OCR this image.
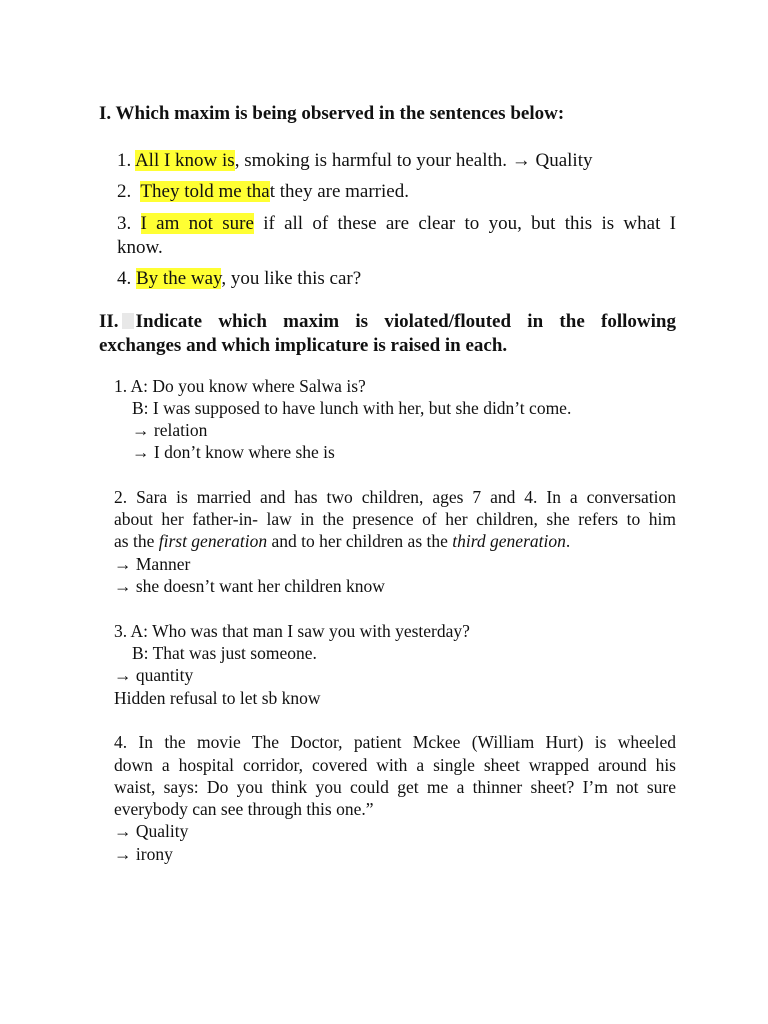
I. Which maxim is being observed in the sentences below:
1. All I know is, smoking is harmful to your health. → Quality
2.  They told me that they are married.
3. I am not sure if all of these are clear to you, but this is what I
know.
4. By the way, you like this car?
II. Indicate which maxim is violated/flouted in the following
exchanges and which implicature is raised in each.
1. A: Do you know where Salwa is?
B: I was supposed to have lunch with her, but she didn’t come.
→ relation
→ I don’t know where she is
2. Sara is married and has two children, ages 7 and 4. In a conversation
about her father-in- law in the presence of her children, she refers to him
as the first generation and to her children as the third generation.
→ Manner
→ she doesn’t want her children know
3. A: Who was that man I saw you with yesterday?
B: That was just someone.
→ quantity
Hidden refusal to let sb know
4. In the movie The Doctor, patient Mckee (William Hurt) is wheeled
down a hospital corridor, covered with a single sheet wrapped around his
waist, says: Do you think you could get me a thinner sheet? I’m not sure
everybody can see through this one.”
→ Quality
→ irony
